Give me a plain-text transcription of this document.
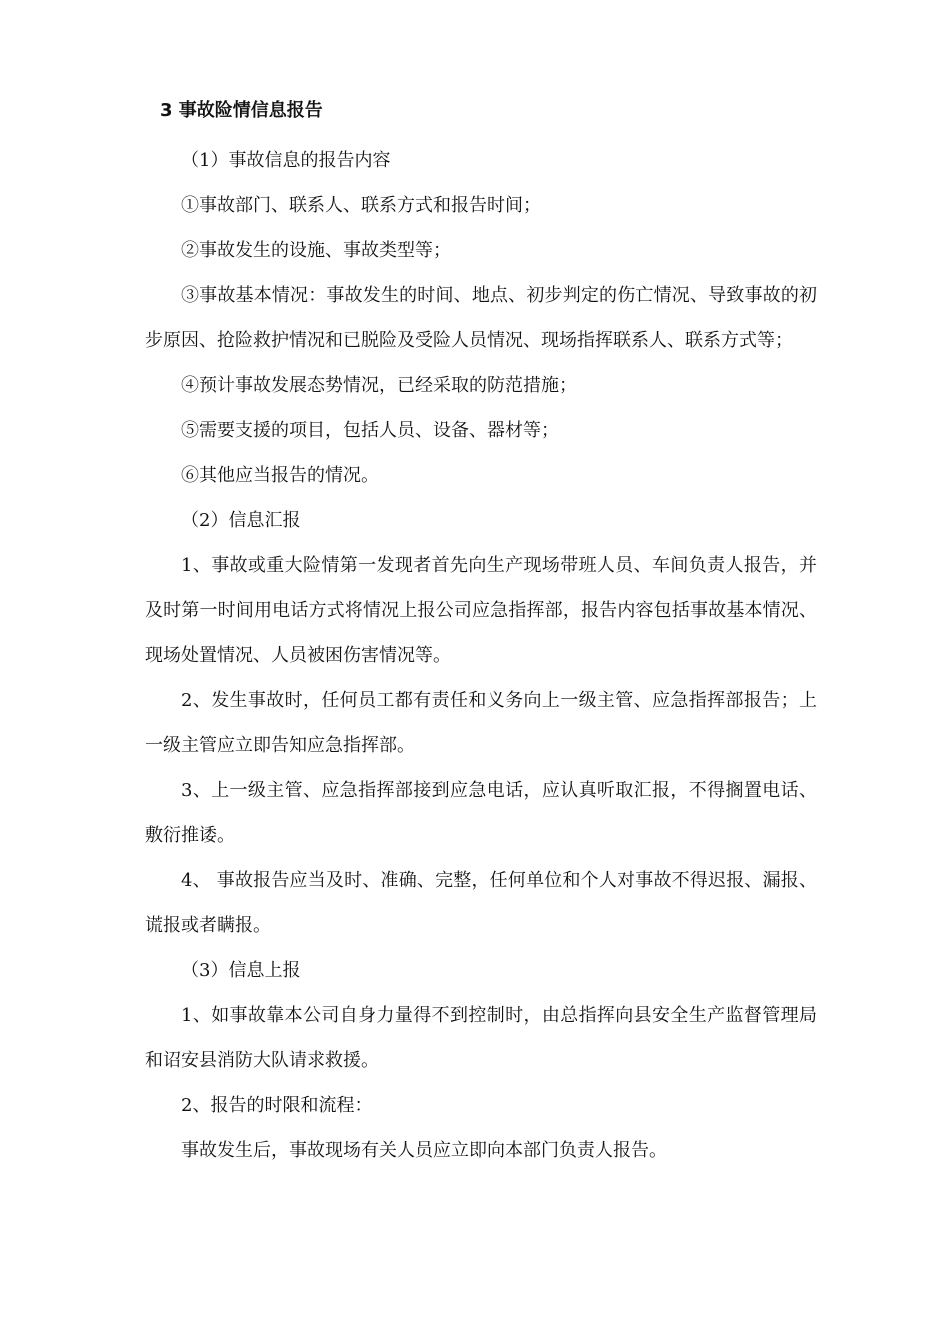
3 事故险情信息报告

（1）事故信息的报告内容

①事故部门、联系人、联系方式和报告时间；

②事故发生的设施、事故类型等；

③事故基本情况：事故发生的时间、地点、初步判定的伤亡情况、导致事故的初步原因、抢险救护情况和已脱险及受险人员情况、现场指挥联系人、联系方式等；

④预计事故发展态势情况，已经采取的防范措施；

⑤需要支援的项目，包括人员、设备、器材等；

⑥其他应当报告的情况。

（2）信息汇报

1、事故或重大险情第一发现者首先向生产现场带班人员、车间负责人报告，并及时第一时间用电话方式将情况上报公司应急指挥部，报告内容包括事故基本情况、现场处置情况、人员被困伤害情况等。

2、发生事故时，任何员工都有责任和义务向上一级主管、应急指挥部报告；上一级主管应立即告知应急指挥部。

3、上一级主管、应急指挥部接到应急电话，应认真听取汇报，不得搁置电话、敷衍推诿。

4、 事故报告应当及时、准确、完整，任何单位和个人对事故不得迟报、漏报、谎报或者瞒报。

（3）信息上报

1、如事故靠本公司自身力量得不到控制时，由总指挥向县安全生产监督管理局和诏安县消防大队请求救援。

2、报告的时限和流程：

事故发生后，事故现场有关人员应立即向本部门负责人报告。
